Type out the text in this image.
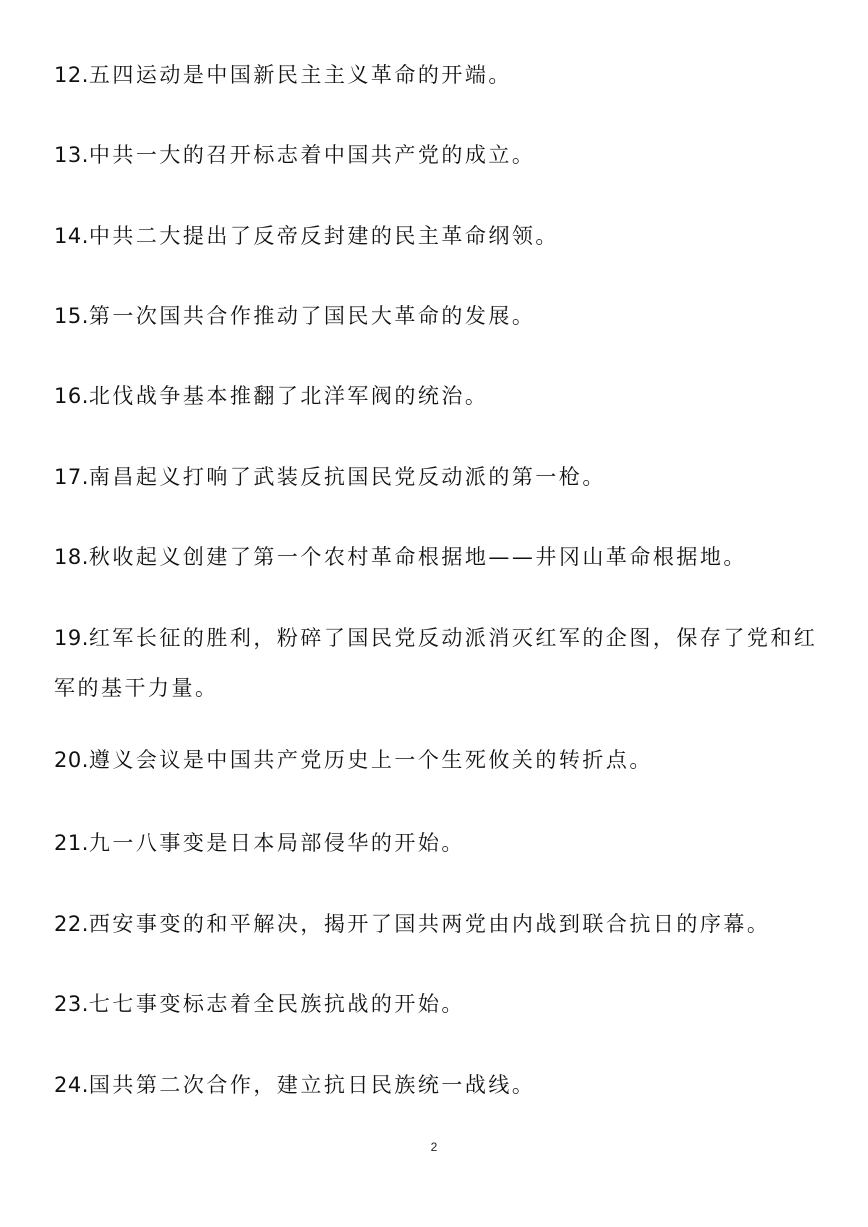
12.五四运动是中国新民主主义革命的开端。
13.中共一大的召开标志着中国共产党的成立。
14.中共二大提出了反帝反封建的民主革命纲领。
15.第一次国共合作推动了国民大革命的发展。
16.北伐战争基本推翻了北洋军阀的统治。
17.南昌起义打响了武装反抗国民党反动派的第一枪。
18.秋收起义创建了第一个农村革命根据地——井冈山革命根据地。
19.红军长征的胜利，粉碎了国民党反动派消灭红军的企图，保存了党和红军的基干力量。
20.遵义会议是中国共产党历史上一个生死攸关的转折点。
21.九一八事变是日本局部侵华的开始。
22.西安事变的和平解决，揭开了国共两党由内战到联合抗日的序幕。
23.七七事变标志着全民族抗战的开始。
24.国共第二次合作，建立抗日民族统一战线。
2
